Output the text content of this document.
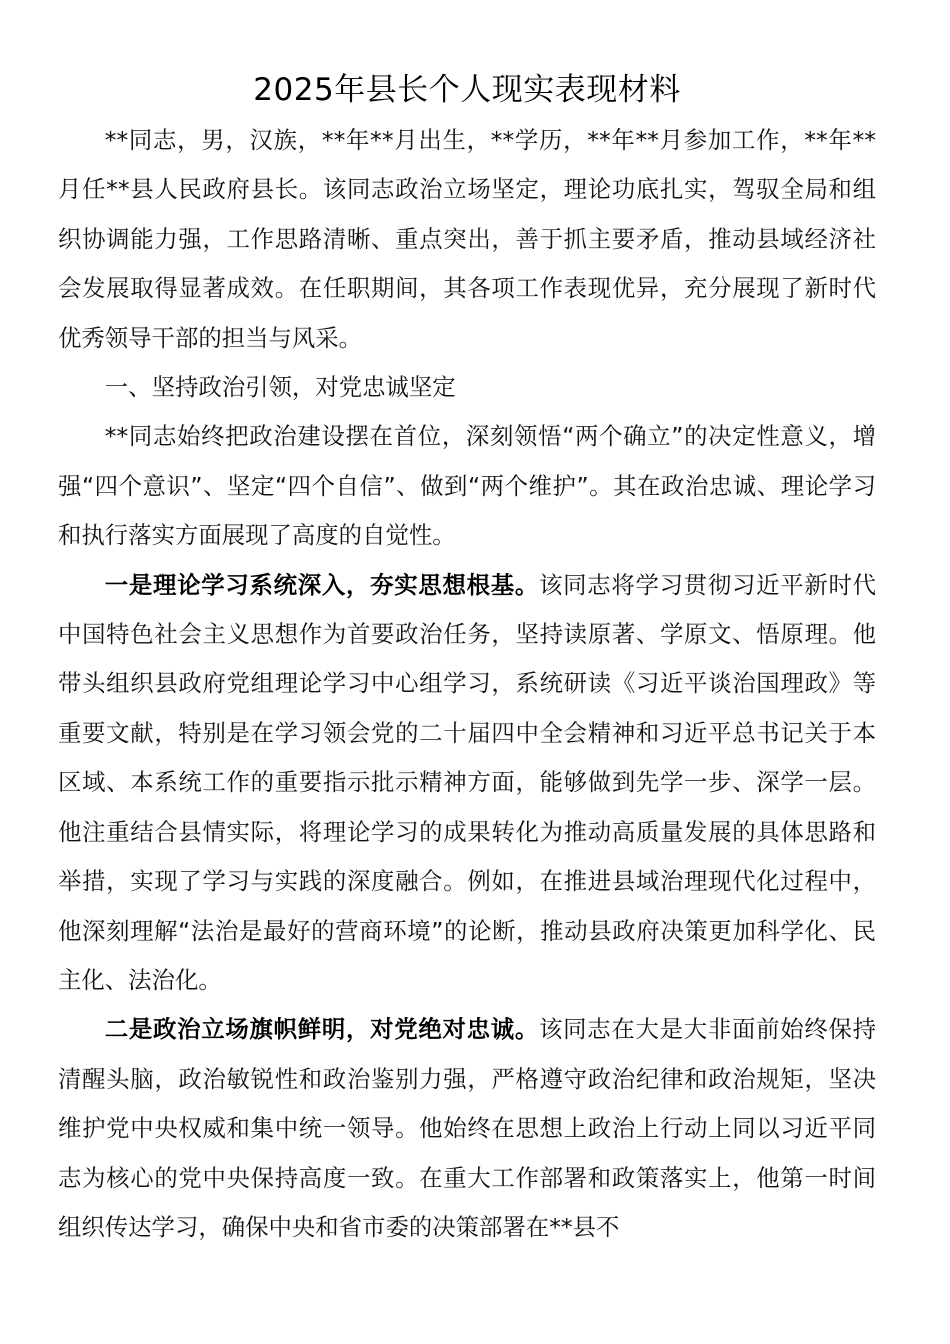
2025年县长个人现实表现材料

**同志，男，汉族，**年**月出生，**学历，**年**月参加工作，**年**月任**县人民政府县长。该同志政治立场坚定，理论功底扎实，驾驭全局和组织协调能力强，工作思路清晰、重点突出，善于抓主要矛盾，推动县域经济社会发展取得显著成效。在任职期间，其各项工作表现优异，充分展现了新时代优秀领导干部的担当与风采。

一、坚持政治引领，对党忠诚坚定

**同志始终把政治建设摆在首位，深刻领悟“两个确立”的决定性意义，增强“四个意识”、坚定“四个自信”、做到“两个维护”。其在政治忠诚、理论学习和执行落实方面展现了高度的自觉性。

一是理论学习系统深入，夯实思想根基。该同志将学习贯彻习近平新时代中国特色社会主义思想作为首要政治任务，坚持读原著、学原文、悟原理。他带头组织县政府党组理论学习中心组学习，系统研读《习近平谈治国理政》等重要文献，特别是在学习领会党的二十届四中全会精神和习近平总书记关于本区域、本系统工作的重要指示批示精神方面，能够做到先学一步、深学一层。他注重结合县情实际，将理论学习的成果转化为推动高质量发展的具体思路和举措，实现了学习与实践的深度融合。例如，在推进县域治理现代化过程中，他深刻理解“法治是最好的营商环境”的论断，推动县政府决策更加科学化、民主化、法治化。

二是政治立场旗帜鲜明，对党绝对忠诚。该同志在大是大非面前始终保持清醒头脑，政治敏锐性和政治鉴别力强，严格遵守政治纪律和政治规矩，坚决维护党中央权威和集中统一领导。他始终在思想上政治上行动上同以习近平同志为核心的党中央保持高度一致。在重大工作部署和政策落实上，他第一时间组织传达学习，确保中央和省市委的决策部署在**县不
